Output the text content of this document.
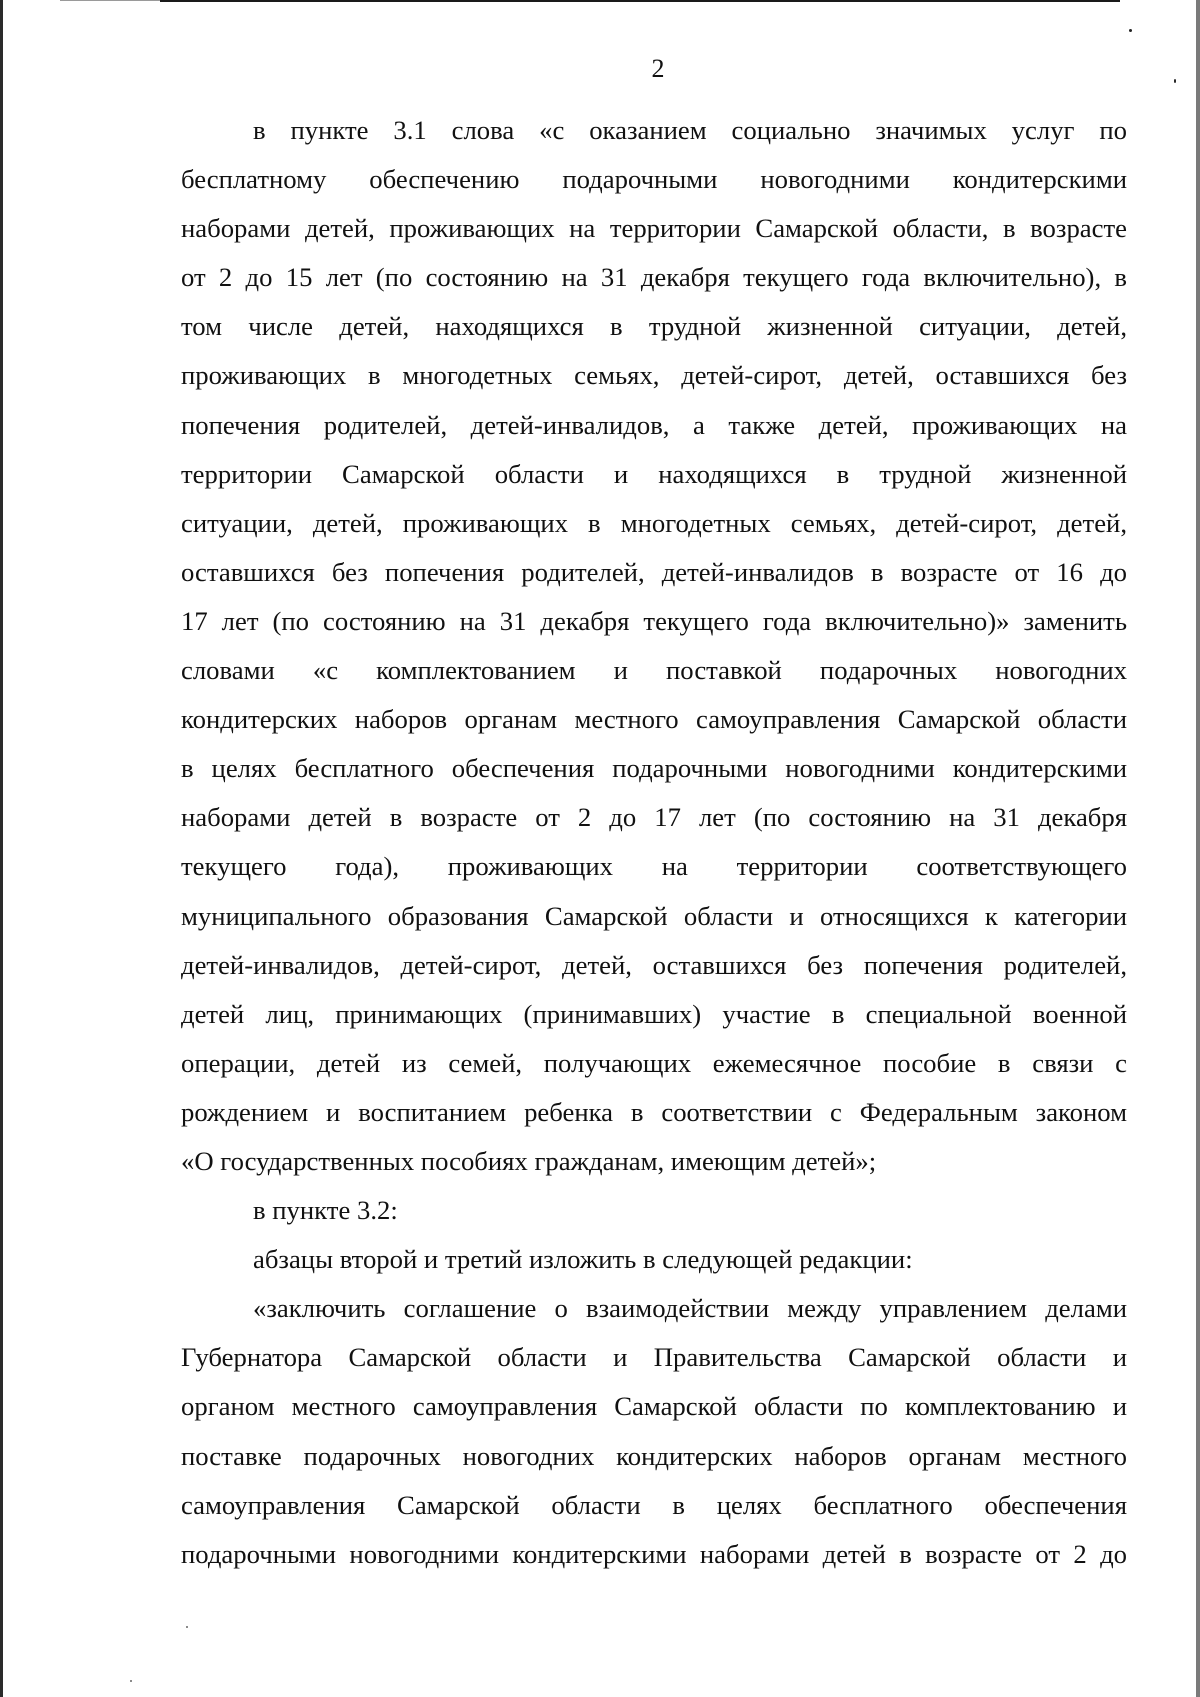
2
в пункте 3.1 слова «с оказанием социально значимых услуг по
бесплатному обеспечению подарочными новогодними кондитерскими
наборами детей, проживающих на территории Самарской области, в возрасте
от 2 до 15 лет (по состоянию на 31 декабря текущего года включительно), в
том числе детей, находящихся в трудной жизненной ситуации, детей,
проживающих в многодетных семьях, детей-сирот, детей, оставшихся без
попечения родителей, детей-инвалидов, а также детей, проживающих на
территории Самарской области и находящихся в трудной жизненной
ситуации, детей, проживающих в многодетных семьях, детей-сирот, детей,
оставшихся без попечения родителей, детей-инвалидов в возрасте от 16 до
17 лет (по состоянию на 31 декабря текущего года включительно)» заменить
словами «с комплектованием и поставкой подарочных новогодних
кондитерских наборов органам местного самоуправления Самарской области
в целях бесплатного обеспечения подарочными новогодними кондитерскими
наборами детей в возрасте от 2 до 17 лет (по состоянию на 31 декабря
текущего года), проживающих на территории соответствующего
муниципального образования Самарской области и относящихся к категории
детей-инвалидов, детей-сирот, детей, оставшихся без попечения родителей,
детей лиц, принимающих (принимавших) участие в специальной военной
операции, детей из семей, получающих ежемесячное пособие в связи с
рождением и воспитанием ребенка в соответствии с Федеральным законом
«О государственных пособиях гражданам, имеющим детей»;
в пункте 3.2:
абзацы второй и третий изложить в следующей редакции:
«заключить соглашение о взаимодействии между управлением делами
Губернатора Самарской области и Правительства Самарской области и
органом местного самоуправления Самарской области по комплектованию и
поставке подарочных новогодних кондитерских наборов органам местного
самоуправления Самарской области в целях бесплатного обеспечения
подарочными новогодними кондитерскими наборами детей в возрасте от 2 до
